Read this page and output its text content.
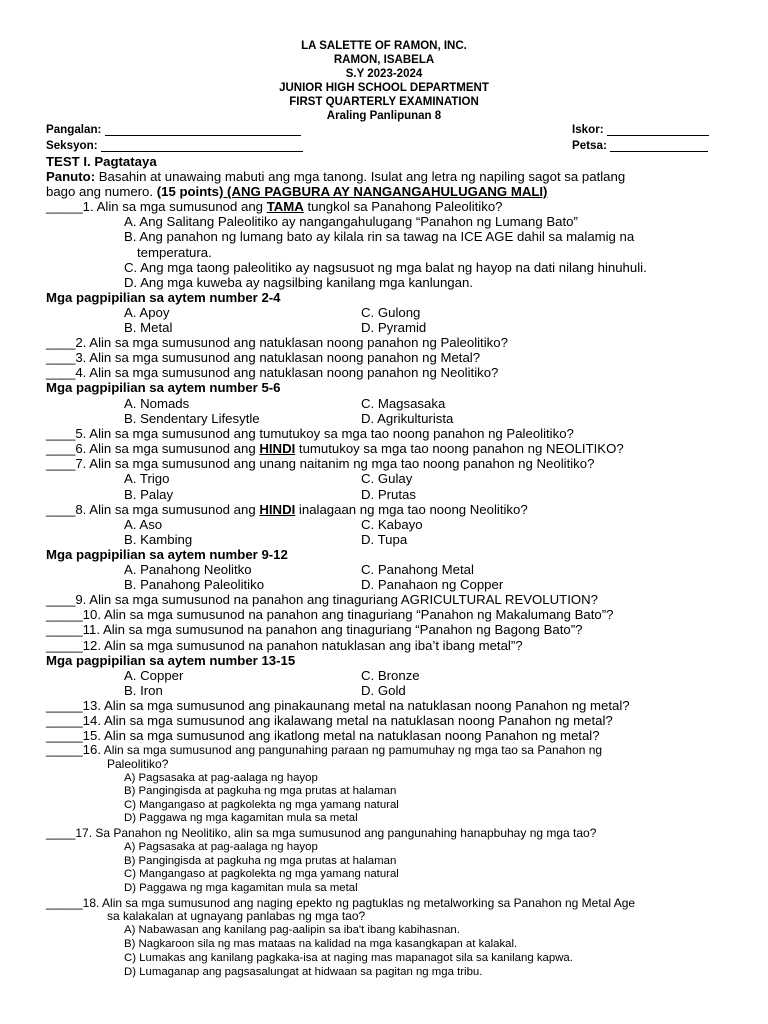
LA SALETTE OF RAMON, INC.
RAMON, ISABELA
S.Y 2023-2024
JUNIOR HIGH SCHOOL DEPARTMENT
FIRST QUARTERLY EXAMINATION
Araling Panlipunan 8
Pangalan:	Iskor:
Seksyon:	Petsa:
TEST I. Pagtataya
Panuto: Basahin at unawaing mabuti ang mga tanong. Isulat ang letra ng napiling sagot sa patlang
bago ang numero. (15 points) (ANG PAGBURA AY NANGANGAHULUGANG MALI)
_____1. Alin sa mga sumusunod ang TAMA tungkol sa Panahong Paleolitiko?
A. Ang Salitang Paleolitiko ay nangangahulugang “Panahon ng Lumang Bato”
B. Ang panahon ng lumang bato ay kilala rin sa tawag na ICE AGE dahil sa malamig na
temperatura.
C. Ang mga taong paleolitiko ay nagsusuot ng mga balat ng hayop na dati nilang hinuhuli.
D. Ang mga kuweba ay nagsilbing kanilang mga kanlungan.
Mga pagpipilian sa aytem number 2-4
A. Apoy	C. Gulong
B. Metal	D. Pyramid
____2. Alin sa mga sumusunod ang natuklasan noong panahon ng Paleolitiko?
____3. Alin sa mga sumusunod ang natuklasan noong panahon ng Metal?
____4. Alin sa mga sumusunod ang natuklasan noong panahon ng Neolitiko?
Mga pagpipilian sa aytem number 5-6
A. Nomads	C. Magsasaka
B. Sendentary Lifesytle	D. Agrikulturista
____5. Alin sa mga sumusunod ang tumutukoy sa mga tao noong panahon ng Paleolitiko?
____6. Alin sa mga sumusunod ang HINDI tumutukoy sa mga tao noong panahon ng NEOLITIKO?
____7. Alin sa mga sumusunod ang unang naitanim ng mga tao noong panahon ng Neolitiko?
A. Trigo	C. Gulay
B. Palay	D. Prutas
____8. Alin sa mga sumusunod ang HINDI inalagaan ng mga tao noong Neolitiko?
A. Aso	C. Kabayo
B. Kambing	D. Tupa
Mga pagpipilian sa aytem number 9-12
A. Panahong Neolitko	C. Panahong Metal
B. Panahong Paleolitiko	D. Panahaon ng Copper
____9. Alin sa mga sumusunod na panahon ang tinaguriang AGRICULTURAL REVOLUTION?
_____10. Alin sa mga sumusunod na panahon ang tinaguriang “Panahon ng Makalumang Bato”?
_____11. Alin sa mga sumusunod na panahon ang tinaguriang “Panahon ng Bagong Bato”?
_____12. Alin sa mga sumusunod na panahon natuklasan ang iba’t ibang metal”?
Mga pagpipilian sa aytem number 13-15
A. Copper	C. Bronze
B. Iron	D. Gold
_____13. Alin sa mga sumusunod ang pinakaunang metal na natuklasan noong Panahon ng metal?
_____14. Alin sa mga sumusunod ang ikalawang metal na natuklasan noong Panahon ng metal?
_____15. Alin sa mga sumusunod ang ikatlong metal na natuklasan noong Panahon ng metal?
_____16. Alin sa mga sumusunod ang pangunahing paraan ng pamumuhay ng mga tao sa Panahon ng
Paleolitiko?
A) Pagsasaka at pag-aalaga ng hayop
B) Pangingisda at pagkuha ng mga prutas at halaman
C) Mangangaso at pagkolekta ng mga yamang natural
D) Paggawa ng mga kagamitan mula sa metal
____17. Sa Panahon ng Neolitiko, alin sa mga sumusunod ang pangunahing hanapbuhay ng mga tao?
A) Pagsasaka at pag-aalaga ng hayop
B) Pangingisda at pagkuha ng mga prutas at halaman
C) Mangangaso at pagkolekta ng mga yamang natural
D) Paggawa ng mga kagamitan mula sa metal
_____18. Alin sa mga sumusunod ang naging epekto ng pagtuklas ng metalworking sa Panahon ng Metal Age
sa kalakalan at ugnayang panlabas ng mga tao?
A) Nabawasan ang kanilang pag-aalipin sa iba't ibang kabihasnan.
B) Nagkaroon sila ng mas mataas na kalidad na mga kasangkapan at kalakal.
C) Lumakas ang kanilang pagkaka-isa at naging mas mapanagot sila sa kanilang kapwa.
D) Lumaganap ang pagsasalungat at hidwaan sa pagitan ng mga tribu.
